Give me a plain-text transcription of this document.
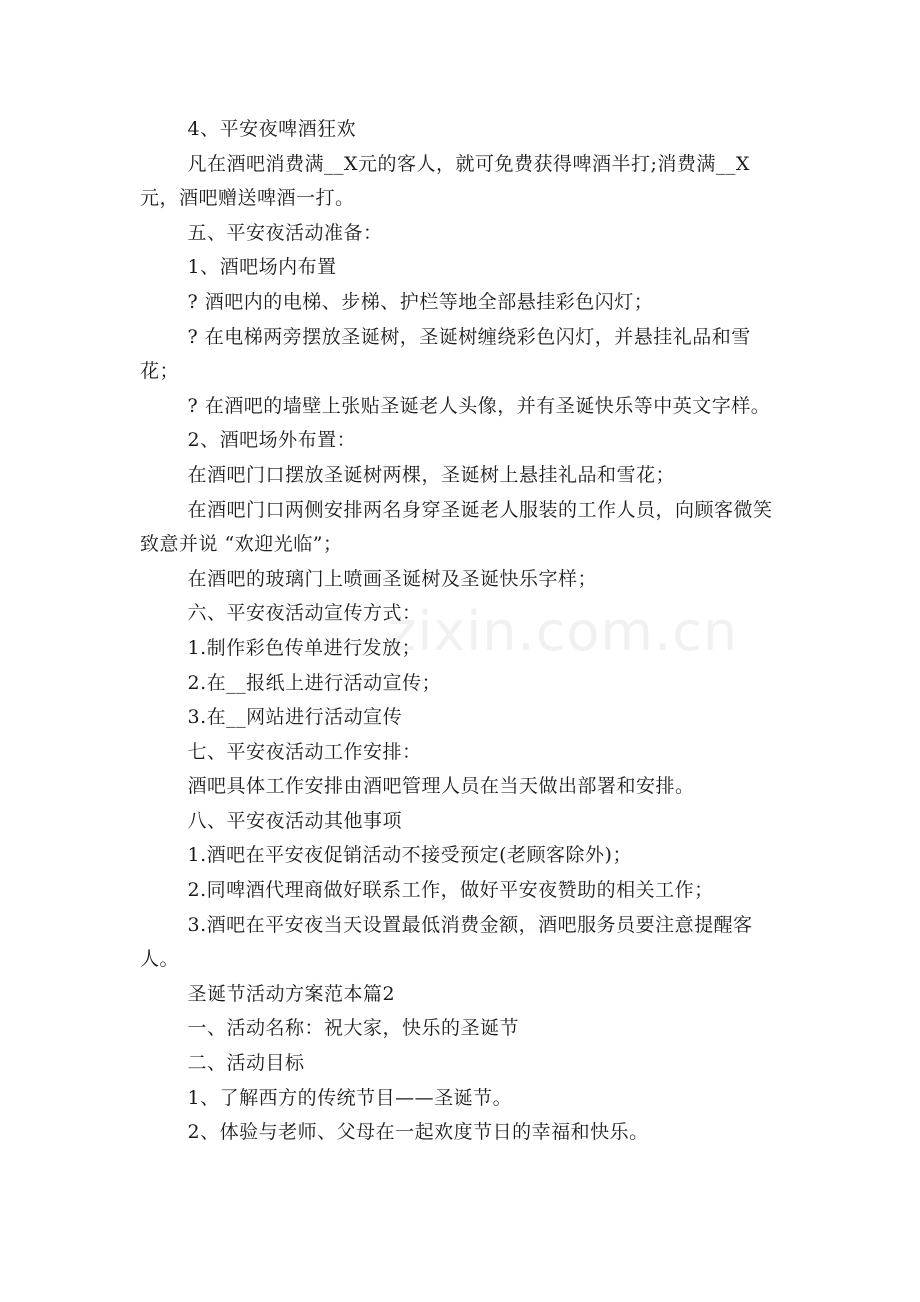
4、平安夜啤酒狂欢

凡在酒吧消费满__X元的客人，就可免费获得啤酒半打;消费满__X元，酒吧赠送啤酒一打。

五、平安夜活动准备：

1、酒吧场内布置

? 酒吧内的电梯、步梯、护栏等地全部悬挂彩色闪灯；

? 在电梯两旁摆放圣诞树，圣诞树缠绕彩色闪灯，并悬挂礼品和雪花；

? 在酒吧的墙壁上张贴圣诞老人头像，并有圣诞快乐等中英文字样。

2、酒吧场外布置：

在酒吧门口摆放圣诞树两棵，圣诞树上悬挂礼品和雪花；

在酒吧门口两侧安排两名身穿圣诞老人服装的工作人员，向顾客微笑致意并说 “欢迎光临”；

在酒吧的玻璃门上喷画圣诞树及圣诞快乐字样；

六、平安夜活动宣传方式：

1.制作彩色传单进行发放；

2.在__报纸上进行活动宣传；

3.在__网站进行活动宣传

七、平安夜活动工作安排：

酒吧具体工作安排由酒吧管理人员在当天做出部署和安排。

八、平安夜活动其他事项

1.酒吧在平安夜促销活动不接受预定(老顾客除外)；

2.同啤酒代理商做好联系工作，做好平安夜赞助的相关工作；

3.酒吧在平安夜当天设置最低消费金额，酒吧服务员要注意提醒客人。

圣诞节活动方案范本篇2

一、活动名称：祝大家，快乐的圣诞节

二、活动目标

1、了解西方的传统节目——圣诞节。

2、体验与老师、父母在一起欢度节日的幸福和快乐。

zixin.com.cn
